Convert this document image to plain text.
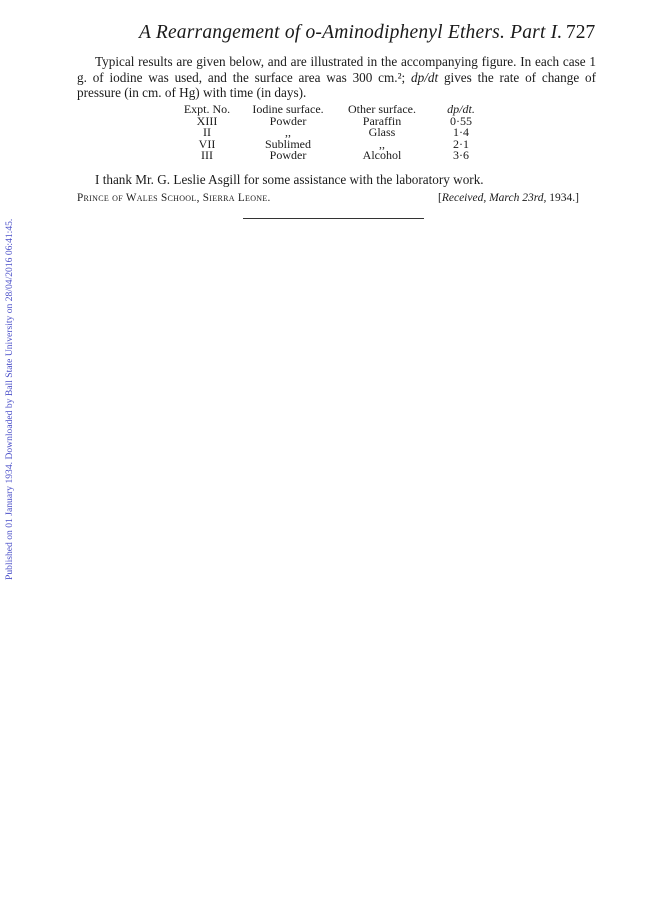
Published on 01 January 1934. Downloaded by Ball State University on 28/04/2016 06:41:45.
A Rearrangement of o-Aminodiphenyl Ethers. Part I. 727

Typical results are given below, and are illustrated in the accompanying figure. In each case 1 g. of iodine was used, and the surface area was 300 cm.²; dp/dt gives the rate of change of pressure (in cm. of Hg) with time (in days).

Expt. No.	Iodine surface.	Other surface.	dp/dt.
XIII	Powder	Paraffin	0·55
II	,,	Glass	1·4
VII	Sublimed	,,	2·1
III	Powder	Alcohol	3·6
I thank Mr. G. Leslie Asgill for some assistance with the laboratory work.
Prince of Wales School, Sierra Leone.	[Received, March 23rd, 1934.]
